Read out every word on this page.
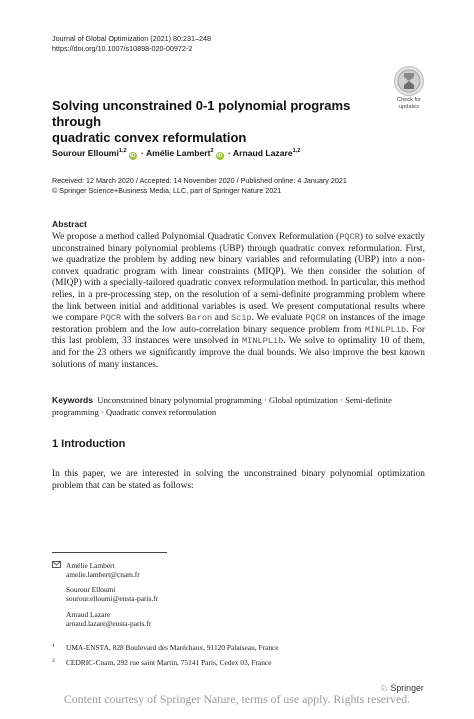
Journal of Global Optimization (2021) 80:231–248
https://doi.org/10.1007/s10898-020-00972-2
Check for
updates
Solving unconstrained 0-1 polynomial programs through
quadratic convex reformulation
Sourour Elloumi$^{1,2}$iD · Amélie Lambert$^2$iD · Arnaud Lazare$^{1,2}$
Received: 12 March 2020 / Accepted: 14 November 2020 / Published online: 4 January 2021
© Springer Science+Business Media, LLC, part of Springer Nature 2021
Abstract
We propose a method called Polynomial Quadratic Convex Reformulation (PQCR) to solve exactly unconstrained binary polynomial problems (UBP) through quadratic convex reformulation. First, we quadratize the problem by adding new binary variables and reformulating (UBP) into a non-convex quadratic program with linear constraints (MIQP). We then consider the solution of (MIQP) with a specially-tailored quadratic convex reformulation method. In particular, this method relies, in a pre-processing step, on the resolution of a semi-definite programming problem where the link between initial and additional variables is used. We present computational results where we compare PQCR with the solvers Baron and Scip. We evaluate PQCR on instances of the image restoration problem and the low auto-correlation binary sequence problem from MINLPLib. For this last problem, 33 instances were unsolved in MINLPLib. We solve to optimality 10 of them, and for the 23 others we significantly improve the dual bounds. We also improve the best known solutions of many instances.
Keywords Unconstrained binary polynomial programming · Global optimization · Semi-definite programming · Quadratic convex reformulation
1 Introduction
In this paper, we are interested in solving the unconstrained binary polynomial optimization problem that can be stated as follows:
Amélie Lambert
amelie.lambert@cnam.fr
Sourour Elloumi
sourour.elloumi@ensta-paris.fr
Arnaud Lazare
arnaud.lazare@ensta-paris.fr
1 UMA-ENSTA, 828 Boulevard des Maréchaux, 91120 Palaiseau, France
2 CEDRIC-Cnam, 292 rue saint Martin, 75141 Paris, Cedex 03, France
♘ Springer
Content courtesy of Springer Nature, terms of use apply. Rights reserved.
